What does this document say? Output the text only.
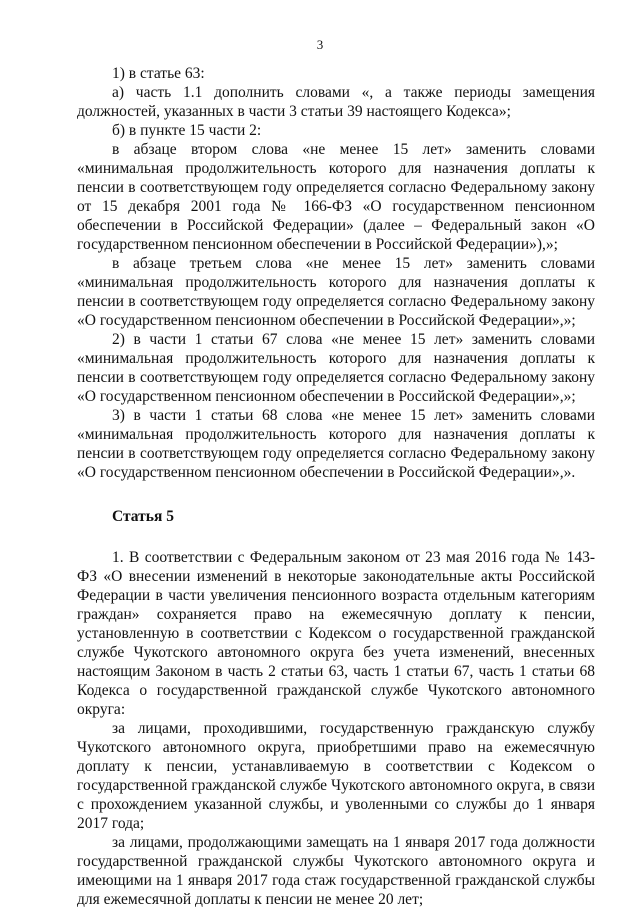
3

1) в статье 63:

а) часть 1.1 дополнить словами «, а также периоды замещения должностей, указанных в части 3 статьи 39 настоящего Кодекса»;

б) в пункте 15 части 2:

в абзаце втором слова «не менее 15 лет» заменить словами «минимальная продолжительность которого для назначения доплаты к пенсии в соответствующем году определяется согласно Федеральному закону от 15 декабря 2001 года № 166-ФЗ «О государственном пенсионном обеспечении в Российской Федерации» (далее – Федеральный закон «О государственном пенсионном обеспечении в Российской Федерации»),»;

в абзаце третьем слова «не менее 15 лет» заменить словами «минимальная продолжительность которого для назначения доплаты к пенсии в соответствующем году определяется согласно Федеральному закону «О государственном пенсионном обеспечении в Российской Федерации»,»;

2) в части 1 статьи 67 слова «не менее 15 лет» заменить словами «минимальная продолжительность которого для назначения доплаты к пенсии в соответствующем году определяется согласно Федеральному закону «О государственном пенсионном обеспечении в Российской Федерации»,»;

3) в части 1 статьи 68 слова «не менее 15 лет» заменить словами «минимальная продолжительность которого для назначения доплаты к пенсии в соответствующем году определяется согласно Федеральному закону «О государственном пенсионном обеспечении в Российской Федерации»,».

Статья 5

1. В соответствии с Федеральным законом от 23 мая 2016 года № 143-ФЗ «О внесении изменений в некоторые законодательные акты Российской Федерации в части увеличения пенсионного возраста отдельным категориям граждан» сохраняется право на ежемесячную доплату к пенсии, установленную в соответствии с Кодексом о государственной гражданской службе Чукотского автономного округа без учета изменений, внесенных настоящим Законом в часть 2 статьи 63, часть 1 статьи 67, часть 1 статьи 68 Кодекса о государственной гражданской службе Чукотского автономного округа:

за лицами, проходившими, государственную гражданскую службу Чукотского автономного округа, приобретшими право на ежемесячную доплату к пенсии, устанавливаемую в соответствии с Кодексом о государственной гражданской службе Чукотского автономного округа, в связи с прохождением указанной службы, и уволенными со службы до 1 января 2017 года;

за лицами, продолжающими замещать на 1 января 2017 года должности государственной гражданской службы Чукотского автономного округа и имеющими на 1 января 2017 года стаж государственной гражданской службы для ежемесячной доплаты к пенсии не менее 20 лет;
